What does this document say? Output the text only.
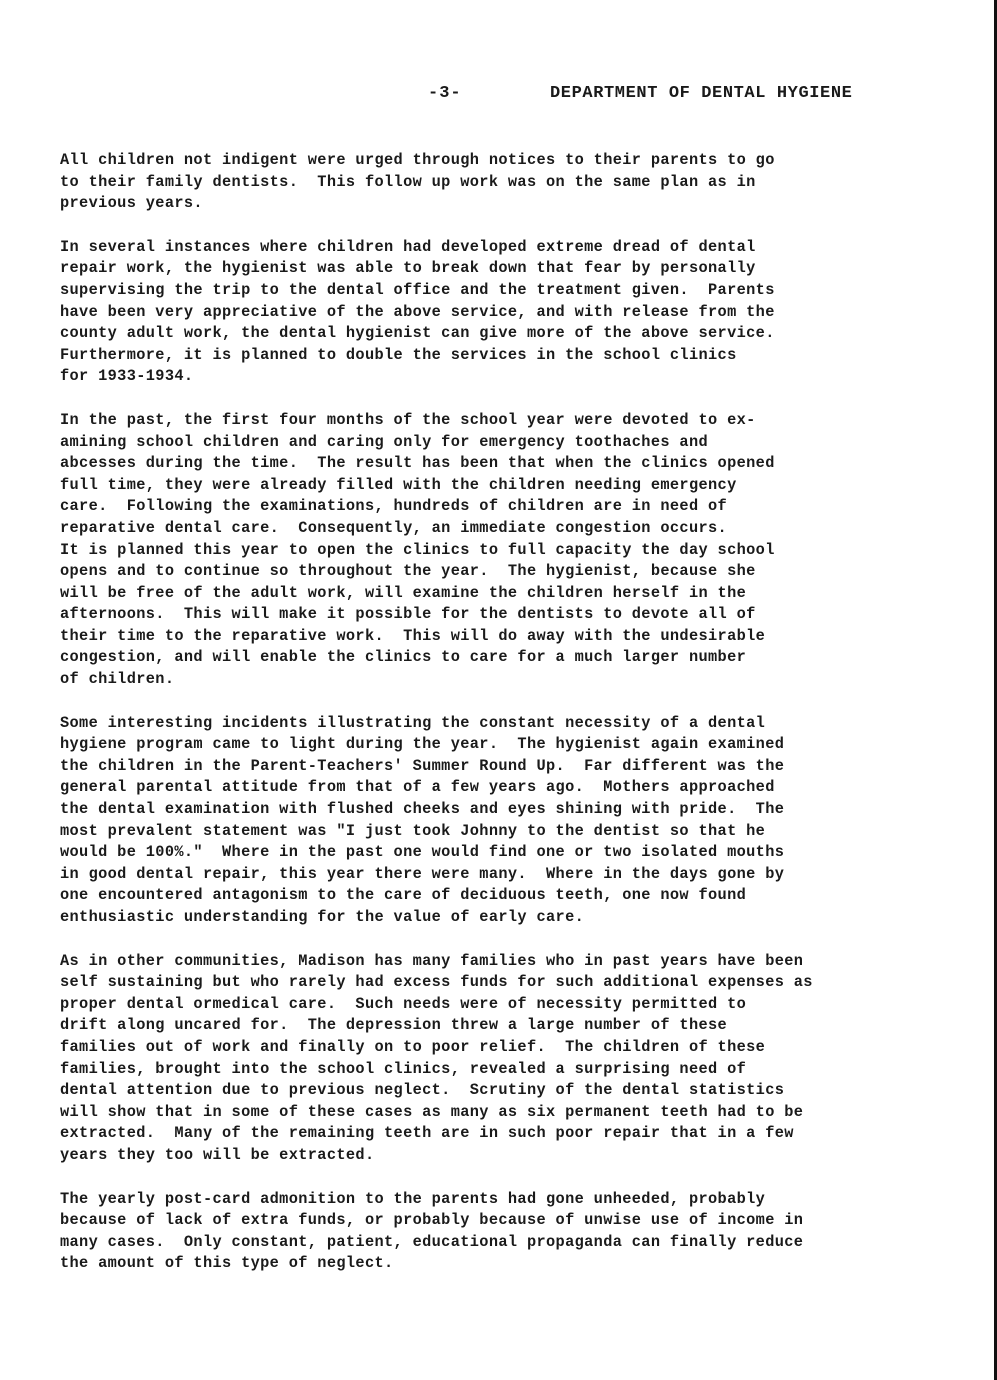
-3-	DEPARTMENT OF DENTAL HYGIENE
All children not indigent were urged through notices to their parents to go
to their family dentists.  This follow up work was on the same plan as in
previous years.
In several instances where children had developed extreme dread of dental
repair work, the hygienist was able to break down that fear by personally
supervising the trip to the dental office and the treatment given.  Parents
have been very appreciative of the above service, and with release from the
county adult work, the dental hygienist can give more of the above service.
Furthermore, it is planned to double the services in the school clinics
for 1933-1934.
In the past, the first four months of the school year were devoted to ex-
amining school children and caring only for emergency toothaches and
abcesses during the time.  The result has been that when the clinics opened
full time, they were already filled with the children needing emergency
care.  Following the examinations, hundreds of children are in need of
reparative dental care.  Consequently, an immediate congestion occurs.
It is planned this year to open the clinics to full capacity the day school
opens and to continue so throughout the year.  The hygienist, because she
will be free of the adult work, will examine the children herself in the
afternoons.  This will make it possible for the dentists to devote all of
their time to the reparative work.  This will do away with the undesirable
congestion, and will enable the clinics to care for a much larger number
of children.
Some interesting incidents illustrating the constant necessity of a dental
hygiene program came to light during the year.  The hygienist again examined
the children in the Parent-Teachers' Summer Round Up.  Far different was the
general parental attitude from that of a few years ago.  Mothers approached
the dental examination with flushed cheeks and eyes shining with pride.  The
most prevalent statement was "I just took Johnny to the dentist so that he
would be 100%."  Where in the past one would find one or two isolated mouths
in good dental repair, this year there were many.  Where in the days gone by
one encountered antagonism to the care of deciduous teeth, one now found
enthusiastic understanding for the value of early care.
As in other communities, Madison has many families who in past years have been
self sustaining but who rarely had excess funds for such additional expenses as
proper dental ormedical care.  Such needs were of necessity permitted to
drift along uncared for.  The depression threw a large number of these
families out of work and finally on to poor relief.  The children of these
families, brought into the school clinics, revealed a surprising need of
dental attention due to previous neglect.  Scrutiny of the dental statistics
will show that in some of these cases as many as six permanent teeth had to be
extracted.  Many of the remaining teeth are in such poor repair that in a few
years they too will be extracted.
The yearly post-card admonition to the parents had gone unheeded, probably
because of lack of extra funds, or probably because of unwise use of income in
many cases.  Only constant, patient, educational propaganda can finally reduce
the amount of this type of neglect.
